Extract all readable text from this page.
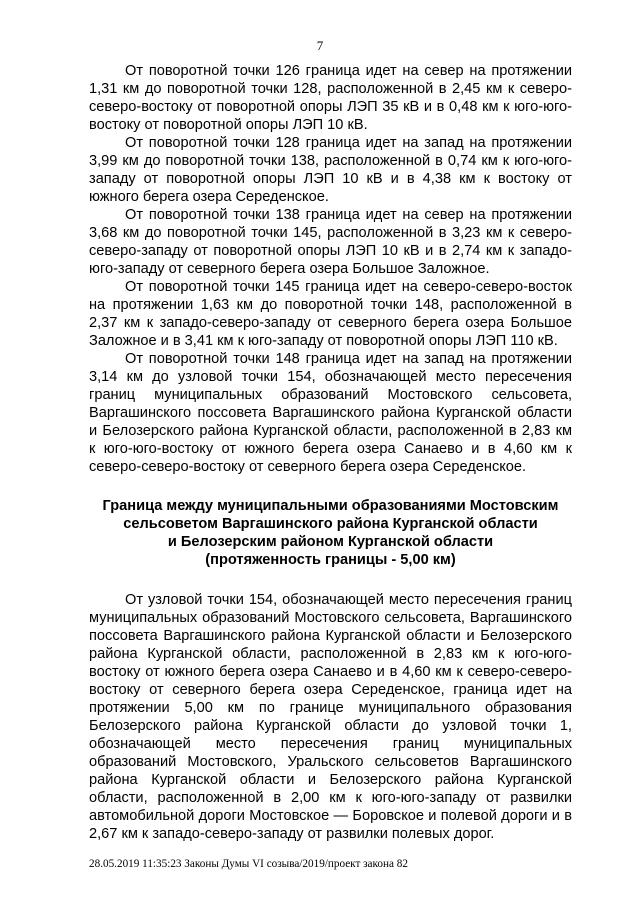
7

От поворотной точки 126 граница идет на север на протяжении 1,31 км до поворотной точки 128, расположенной в 2,45 км к северо-северо-востоку от поворотной опоры ЛЭП 35 кВ и в 0,48 км к юго-юго-востоку от поворотной опоры ЛЭП 10 кВ.

От поворотной точки 128 граница идет на запад на протяжении 3,99 км до поворотной точки 138, расположенной в 0,74 км к юго-юго-западу от поворотной опоры ЛЭП 10 кВ и в 4,38 км к востоку от южного берега озера Середенское.

От поворотной точки 138 граница идет на север на протяжении 3,68 км до поворотной точки 145, расположенной в 3,23 км к северо-северо-западу от поворотной опоры ЛЭП 10 кВ и в 2,74 км к западо-юго-западу от северного берега озера Большое Заложное.

От поворотной точки 145 граница идет на северо-северо-восток на протяжении 1,63 км до поворотной точки 148, расположенной в 2,37 км к западо-северо-западу от северного берега озера Большое Заложное и в 3,41 км к юго-западу от поворотной опоры ЛЭП 110 кВ.

От поворотной точки 148 граница идет на запад на протяжении 3,14 км до узловой точки 154, обозначающей место пересечения границ муниципальных образований Мостовского сельсовета, Варгашинского поссовета Варгашинского района Курганской области и Белозерского района Курганской области, расположенной в 2,83 км к юго-юго-востоку от южного берега озера Санаево и в 4,60 км к северо-северо-востоку от северного берега озера Середенское.

Граница между муниципальными образованиями Мостовским
сельсоветом Варгашинского района Курганской области
и Белозерским районом Курганской области
(протяженность границы - 5,00 км)

От узловой точки 154, обозначающей место пересечения границ муниципальных образований Мостовского сельсовета, Варгашинского поссовета Варгашинского района Курганской области и Белозерского района Курганской области, расположенной в 2,83 км к юго-юго-востоку от южного берега озера Санаево и в 4,60 км к северо-северо-востоку от северного берега озера Середенское, граница идет на протяжении 5,00 км по границе муниципального образования Белозерского района Курганской области до узловой точки 1, обозначающей место пересечения границ муниципальных образований Мостовского, Уральского сельсоветов Варгашинского района Курганской области и Белозерского района Курганской области, расположенной в 2,00 км к юго-юго-западу от развилки автомобильной дороги Мостовское — Боровское и полевой дороги и в 2,67 км к западо-северо-западу от развилки полевых дорог.

28.05.2019 11:35:23 Законы Думы VI созыва/2019/проект закона 82
